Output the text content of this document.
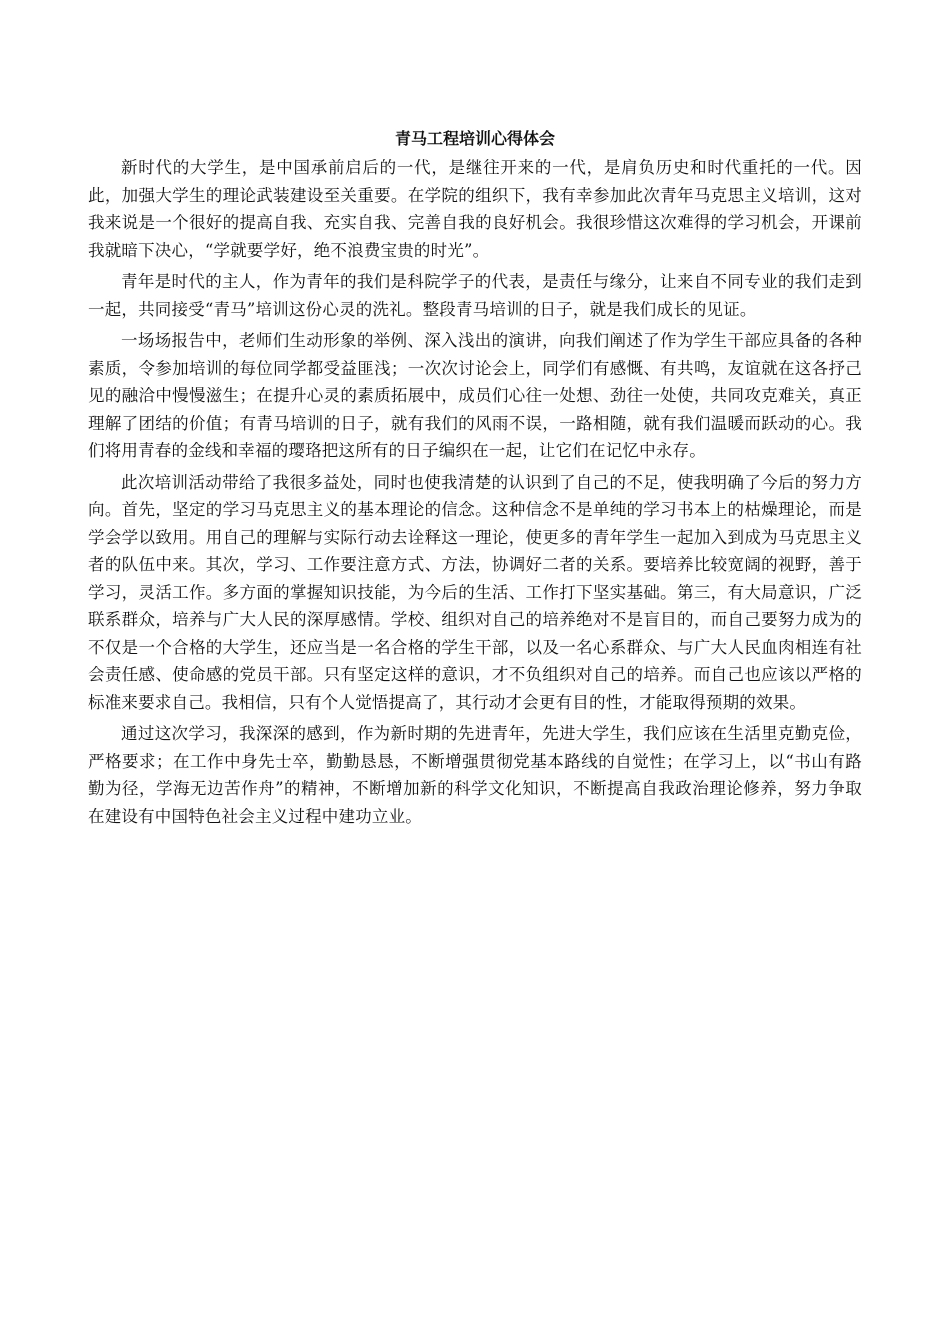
青马工程培训心得体会

新时代的大学生，是中国承前启后的一代，是继往开来的一代，是肩负历史和时代重托的一代。因此，加强大学生的理论武装建设至关重要。在学院的组织下，我有幸参加此次青年马克思主义培训，这对我来说是一个很好的提高自我、充实自我、完善自我的良好机会。我很珍惜这次难得的学习机会，开课前我就暗下决心，“学就要学好，绝不浪费宝贵的时光”。

青年是时代的主人，作为青年的我们是科院学子的代表，是责任与缘分，让来自不同专业的我们走到一起，共同接受“青马”培训这份心灵的洗礼。整段青马培训的日子，就是我们成长的见证。

一场场报告中，老师们生动形象的举例、深入浅出的演讲，向我们阐述了作为学生干部应具备的各种素质，令参加培训的每位同学都受益匪浅；一次次讨论会上，同学们有感慨、有共鸣，友谊就在这各抒己见的融洽中慢慢滋生；在提升心灵的素质拓展中，成员们心往一处想、劲往一处使，共同攻克难关，真正理解了团结的价值；有青马培训的日子，就有我们的风雨不误，一路相随，就有我们温暖而跃动的心。我们将用青春的金线和幸福的璎珞把这所有的日子编织在一起，让它们在记忆中永存。

此次培训活动带给了我很多益处，同时也使我清楚的认识到了自己的不足，使我明确了今后的努力方向。首先，坚定的学习马克思主义的基本理论的信念。这种信念不是单纯的学习书本上的枯燥理论，而是学会学以致用。用自己的理解与实际行动去诠释这一理论，使更多的青年学生一起加入到成为马克思主义者的队伍中来。其次，学习、工作要注意方式、方法，协调好二者的关系。要培养比较宽阔的视野，善于学习，灵活工作。多方面的掌握知识技能，为今后的生活、工作打下坚实基础。第三，有大局意识，广泛联系群众，培养与广大人民的深厚感情。学校、组织对自己的培养绝对不是盲目的，而自己要努力成为的不仅是一个合格的大学生，还应当是一名合格的学生干部，以及一名心系群众、与广大人民血肉相连有社会责任感、使命感的党员干部。只有坚定这样的意识，才不负组织对自己的培养。而自己也应该以严格的标准来要求自己。我相信，只有个人觉悟提高了，其行动才会更有目的性，才能取得预期的效果。

通过这次学习，我深深的感到，作为新时期的先进青年，先进大学生，我们应该在生活里克勤克俭，严格要求；在工作中身先士卒，勤勤恳恳，不断增强贯彻党基本路线的自觉性；在学习上，以“书山有路勤为径，学海无边苦作舟”的精神，不断增加新的科学文化知识，不断提高自我政治理论修养，努力争取在建设有中国特色社会主义过程中建功立业。
